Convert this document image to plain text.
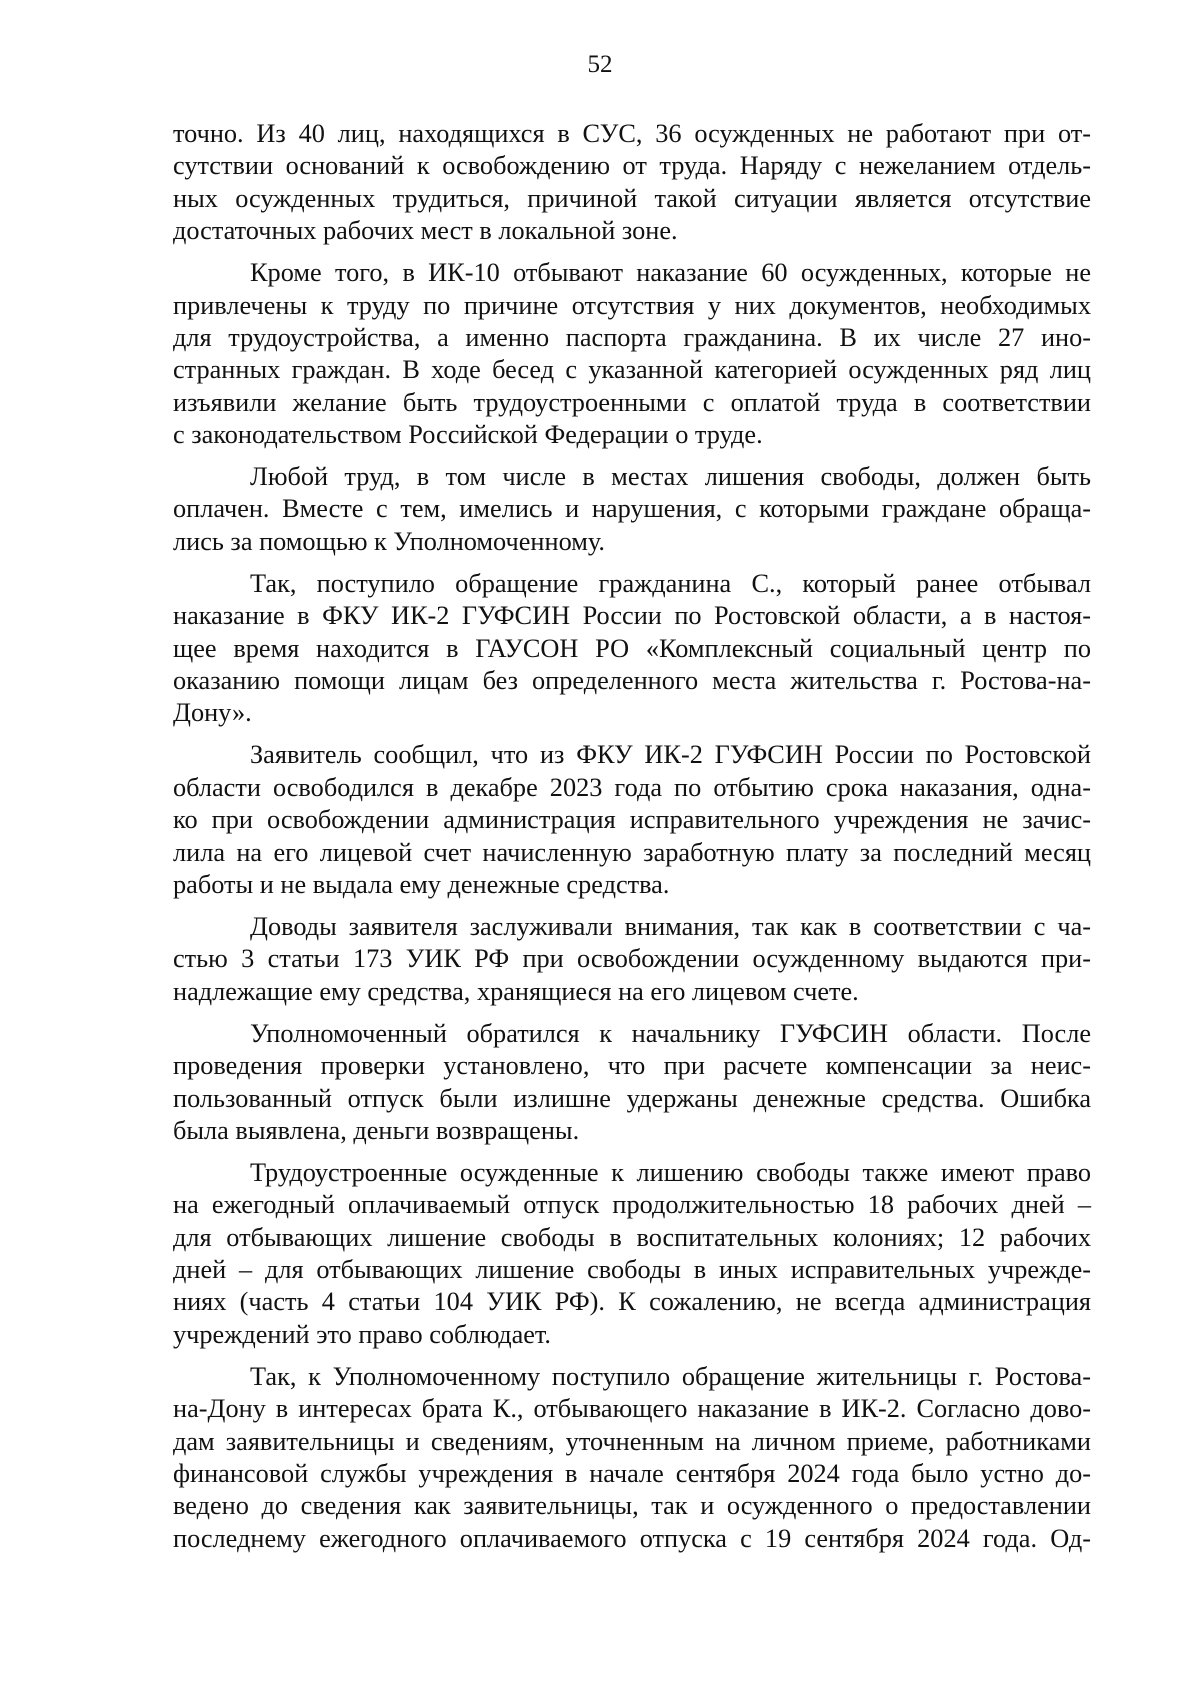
52
точно. Из 40 лиц, находящихся в СУС, 36 осужденных не работают при от-
сутствии оснований к освобождению от труда. Наряду с нежеланием отдель-
ных осужденных трудиться, причиной такой ситуации является отсутствие
достаточных рабочих мест в локальной зоне.
Кроме того, в ИК-10 отбывают наказание 60 осужденных, которые не
привлечены к труду по причине отсутствия у них документов, необходимых
для трудоустройства, а именно паспорта гражданина. В их числе 27 ино-
странных граждан. В ходе бесед с указанной категорией осужденных ряд лиц
изъявили желание быть трудоустроенными с оплатой труда в соответствии
с законодательством Российской Федерации о труде.
Любой труд, в том числе в местах лишения свободы, должен быть
оплачен. Вместе с тем, имелись и нарушения, с которыми граждане обраща-
лись за помощью к Уполномоченному.
Так, поступило обращение гражданина С., который ранее отбывал
наказание в ФКУ ИК-2 ГУФСИН России по Ростовской области, а в настоя-
щее время находится в ГАУСОН РО «Комплексный социальный центр по
оказанию помощи лицам без определенного места жительства г. Ростова-на-
Дону».
Заявитель сообщил, что из ФКУ ИК-2 ГУФСИН России по Ростовской
области освободился в декабре 2023 года по отбытию срока наказания, одна-
ко при освобождении администрация исправительного учреждения не зачис-
лила на его лицевой счет начисленную заработную плату за последний месяц
работы и не выдала ему денежные средства.
Доводы заявителя заслуживали внимания, так как в соответствии с ча-
стью 3 статьи 173 УИК РФ при освобождении осужденному выдаются при-
надлежащие ему средства, хранящиеся на его лицевом счете.
Уполномоченный обратился к начальнику ГУФСИН области. После
проведения проверки установлено, что при расчете компенсации за неис-
пользованный отпуск были излишне удержаны денежные средства. Ошибка
была выявлена, деньги возвращены.
Трудоустроенные осужденные к лишению свободы также имеют право
на ежегодный оплачиваемый отпуск продолжительностью 18 рабочих дней –
для отбывающих лишение свободы в воспитательных колониях; 12 рабочих
дней – для отбывающих лишение свободы в иных исправительных учрежде-
ниях (часть 4 статьи 104 УИК РФ). К сожалению, не всегда администрация
учреждений это право соблюдает.
Так, к Уполномоченному поступило обращение жительницы г. Ростова-
на-Дону в интересах брата К., отбывающего наказание в ИК-2. Согласно дово-
дам заявительницы и сведениям, уточненным на личном приеме, работниками
финансовой службы учреждения в начале сентября 2024 года было устно до-
ведено до сведения как заявительницы, так и осужденного о предоставлении
последнему ежегодного оплачиваемого отпуска с 19 сентября 2024 года. Од-
